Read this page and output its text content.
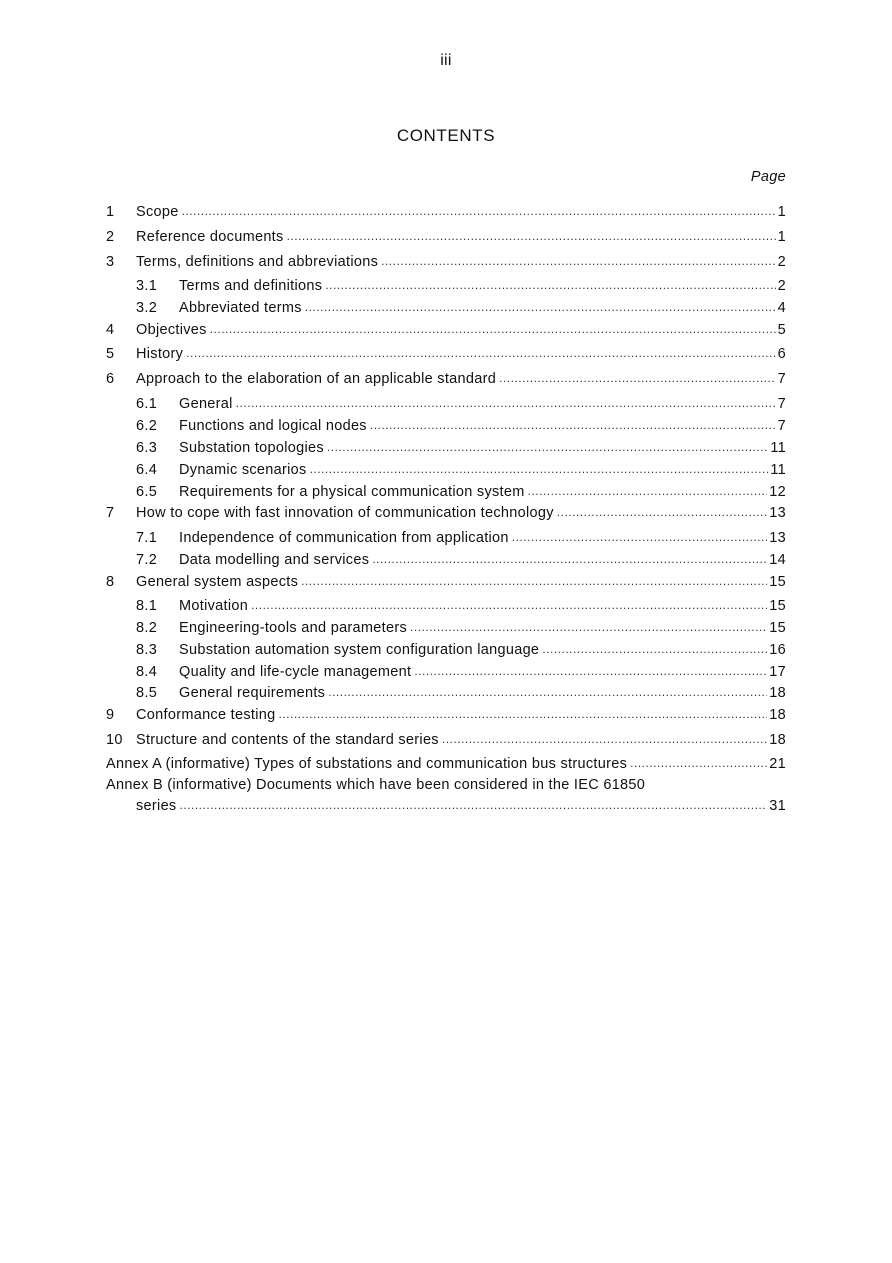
iii
CONTENTS
Page
1	Scope .....	1
2	Reference documents .....	1
3	Terms, definitions and abbreviations .....	2
3.1	Terms and definitions .....	2
3.2	Abbreviated terms .....	4
4	Objectives .....	5
5	History .....	6
6	Approach to the elaboration of an applicable standard .....	7
6.1	General .....	7
6.2	Functions and logical nodes .....	7
6.3	Substation topologies .....	11
6.4	Dynamic scenarios .....	11
6.5	Requirements for a physical communication system .....	12
7	How to cope with fast innovation of communication technology .....	13
7.1	Independence of communication from application .....	13
7.2	Data modelling and services .....	14
8	General system aspects .....	15
8.1	Motivation .....	15
8.2	Engineering-tools and parameters .....	15
8.3	Substation automation system configuration language .....	16
8.4	Quality and life-cycle management .....	17
8.5	General requirements .....	18
9	Conformance testing .....	18
10 Structure and contents of the standard series .....	18
Annex A (informative) Types of substations and communication bus structures .....	21
Annex B (informative) Documents which have been considered in the IEC 61850
series .....	31
